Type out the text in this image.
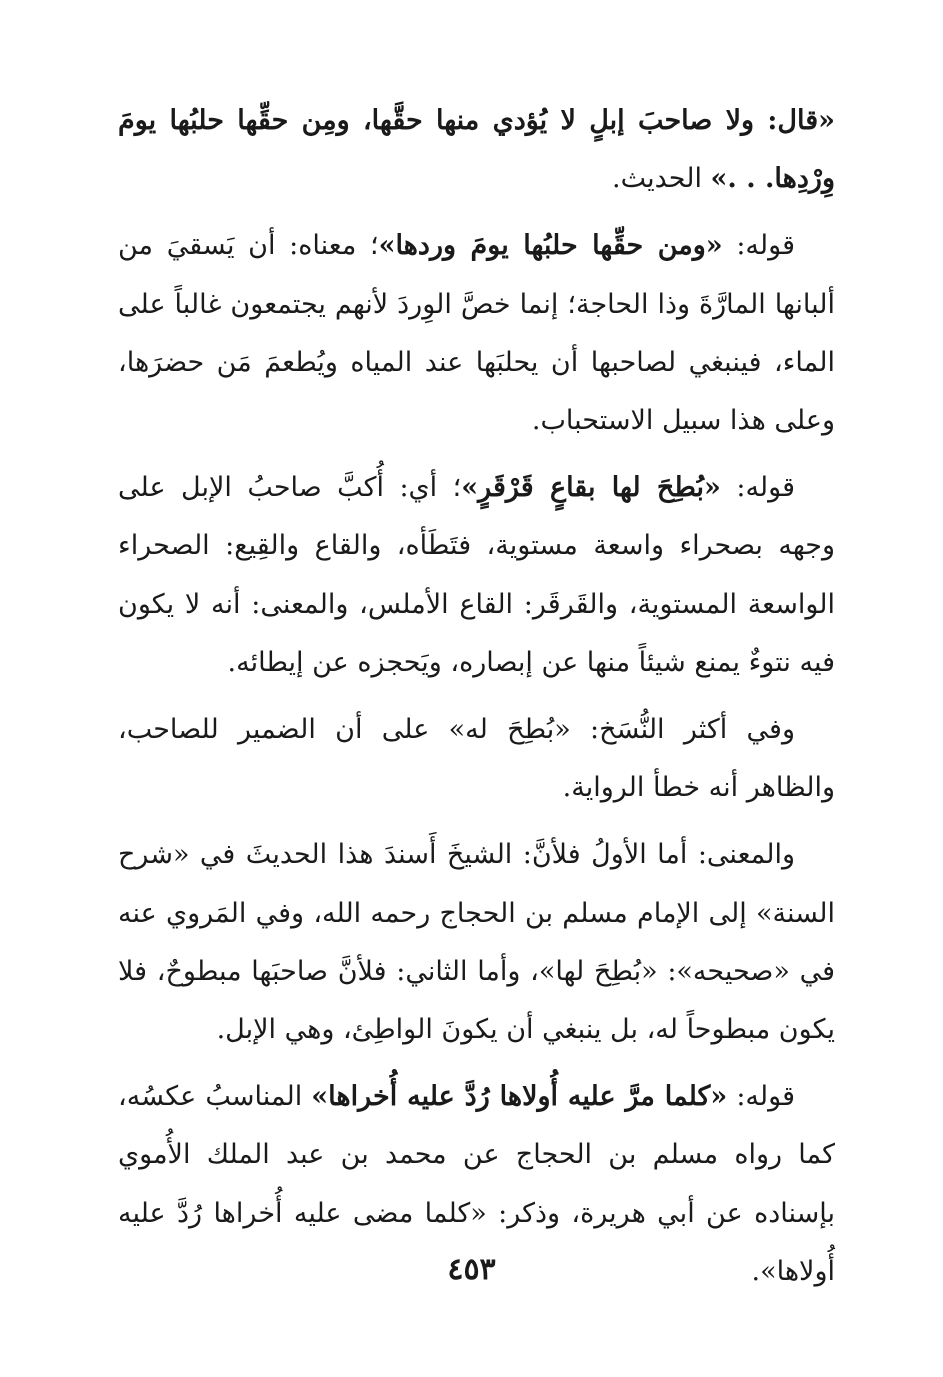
«قال: ولا صاحبَ إبلٍ لا يُؤدي منها حقَّها، ومِن حقِّها حلبُها يومَ وِرْدِها. . .» الحديث.

قوله: «ومن حقِّها حلبُها يومَ وردها»؛ معناه: أن يَسقيَ من ألبانها المارَّةَ وذا الحاجة؛ إنما خصَّ الوِردَ لأنهم يجتمعون غالباً على الماء، فينبغي لصاحبها أن يحلبَها عند المياه ويُطعمَ مَن حضرَها، وعلى هذا سبيل الاستحباب.

قوله: «بُطِحَ لها بقاعٍ قَرْقَرٍ»؛ أي: أُكبَّ صاحبُ الإبل على وجهه بصحراء واسعة مستوية، فتَطَأه، والقاع والقِيع: الصحراء الواسعة المستوية، والقَرقَر: القاع الأملس، والمعنى: أنه لا يكون فيه نتوءٌ يمنع شيئاً منها عن إبصاره، ويَحجزه عن إيطائه.

وفي أكثر النُّسَخ: «بُطِحَ له» على أن الضمير للصاحب، والظاهر أنه خطأ الرواية.

والمعنى: أما الأولُ فلأنَّ: الشيخَ أَسندَ هذا الحديثَ في «شرح السنة» إلى الإمام مسلم بن الحجاج رحمه الله، وفي المَروي عنه في «صحيحه»: «بُطِحَ لها»، وأما الثاني: فلأنَّ صاحبَها مبطوحٌ، فلا يكون مبطوحاً له، بل ينبغي أن يكونَ الواطِئ، وهي الإبل.

قوله: «كلما مرَّ عليه أُولاها رُدَّ عليه أُخراها» المناسبُ عكسُه، كما رواه مسلم بن الحجاج عن محمد بن عبد الملك الأُموي بإسناده عن أبي هريرة، وذكر: «كلما مضى عليه أُخراها رُدَّ عليه أُولاها».

٤٥٣
